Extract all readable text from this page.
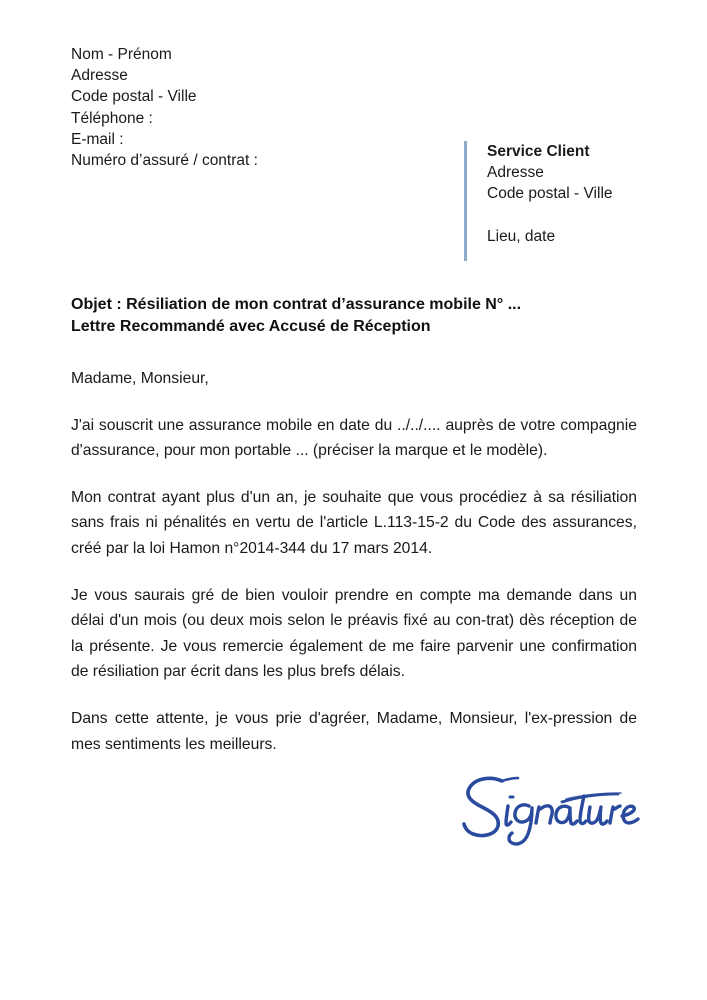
Nom - Prénom
Adresse
Code postal - Ville
Téléphone :
E-mail :
Numéro d’assuré / contrat :
Service Client
Adresse
Code postal - Ville
Lieu, date
Objet : Résiliation de mon contrat d’assurance mobile N° ...
Lettre Recommandé avec Accusé de Réception

Madame, Monsieur,

J'ai souscrit une assurance mobile en date du ../../.... auprès de votre compagnie d'assurance, pour mon portable ... (préciser la marque et le modèle).

Mon contrat ayant plus d'un an, je souhaite que vous procédiez à sa résiliation sans frais ni pénalités en vertu de l'article L.113-15-2 du Code des assurances, créé par la loi Hamon n°2014-344 du 17 mars 2014.

Je vous saurais gré de bien vouloir prendre en compte ma demande dans un délai d'un mois (ou deux mois selon le préavis fixé au con-trat) dès réception de la présente. Je vous remercie également de me faire parvenir une confirmation de résiliation par écrit dans les plus brefs délais.

Dans cette attente, je vous prie d'agréer, Madame, Monsieur, l'ex-pression de mes sentiments les meilleurs.
